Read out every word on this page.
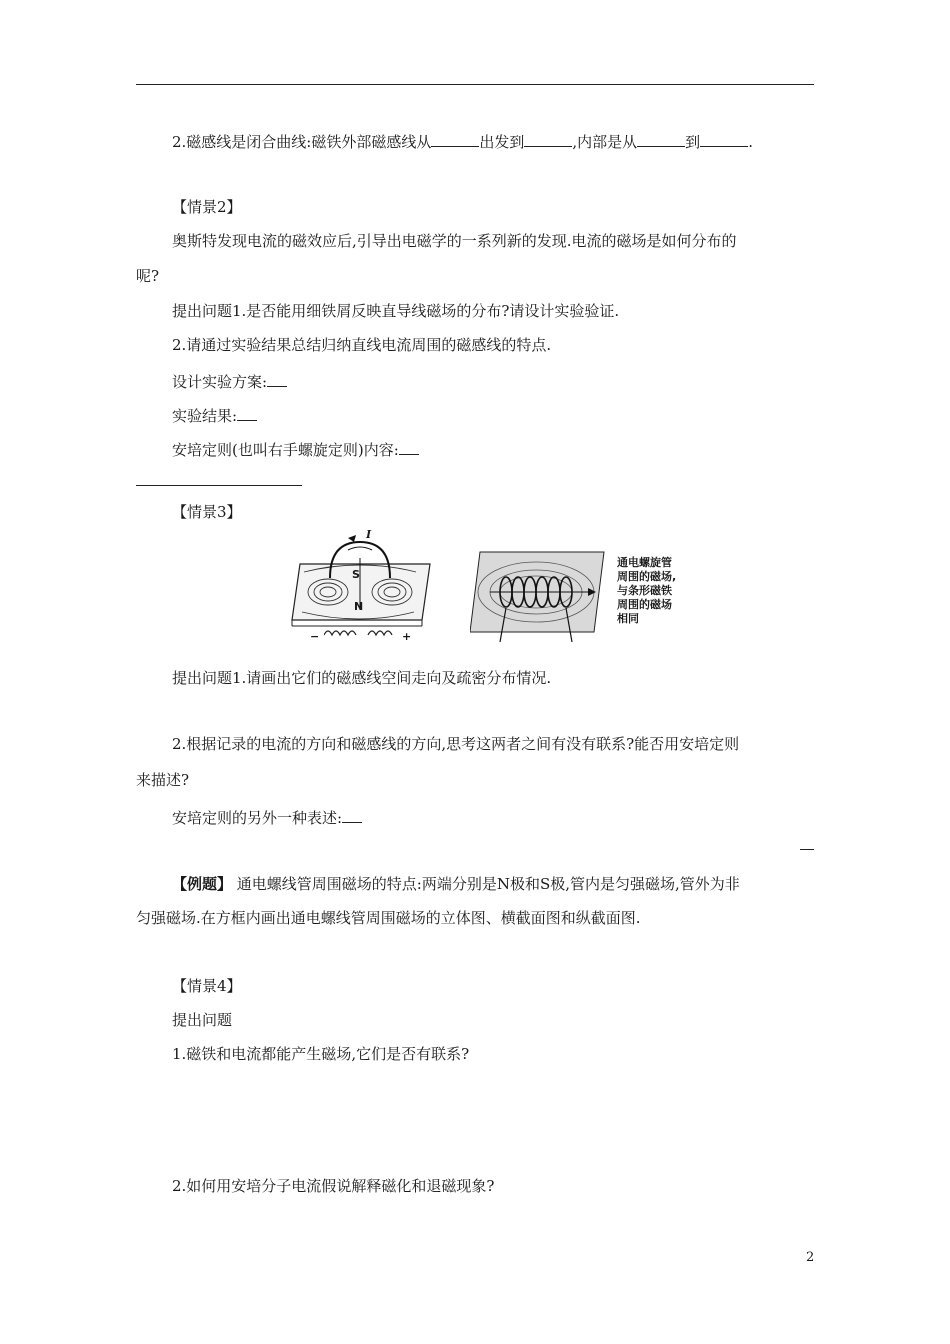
2.磁感线是闭合曲线:磁铁外部磁感线从	出发到	,内部是从	到	.
【情景2】
奥斯特发现电流的磁效应后,引导出电磁学的一系列新的发现.电流的磁场是如何分布的
呢?
提出问题1.是否能用细铁屑反映直导线磁场的分布?请设计实验验证.
2.请通过实验结果总结归纳直线电流周围的磁感线的特点.
设计实验方案:
实验结果:
安培定则(也叫右手螺旋定则)内容:
【情景3】
I
S
N
−	+
通电螺旋管
周围的磁场,
与条形磁铁
周围的磁场
相同
提出问题1.请画出它们的磁感线空间走向及疏密分布情况.
2.根据记录的电流的方向和磁感线的方向,思考这两者之间有没有联系?能否用安培定则
来描述?
安培定则的另外一种表述:
【例题】 通电螺线管周围磁场的特点:两端分别是N极和S极,管内是匀强磁场,管外为非
匀强磁场.在方框内画出通电螺线管周围磁场的立体图、横截面图和纵截面图.
【情景4】
提出问题
1.磁铁和电流都能产生磁场,它们是否有联系?
2.如何用安培分子电流假说解释磁化和退磁现象?
2
